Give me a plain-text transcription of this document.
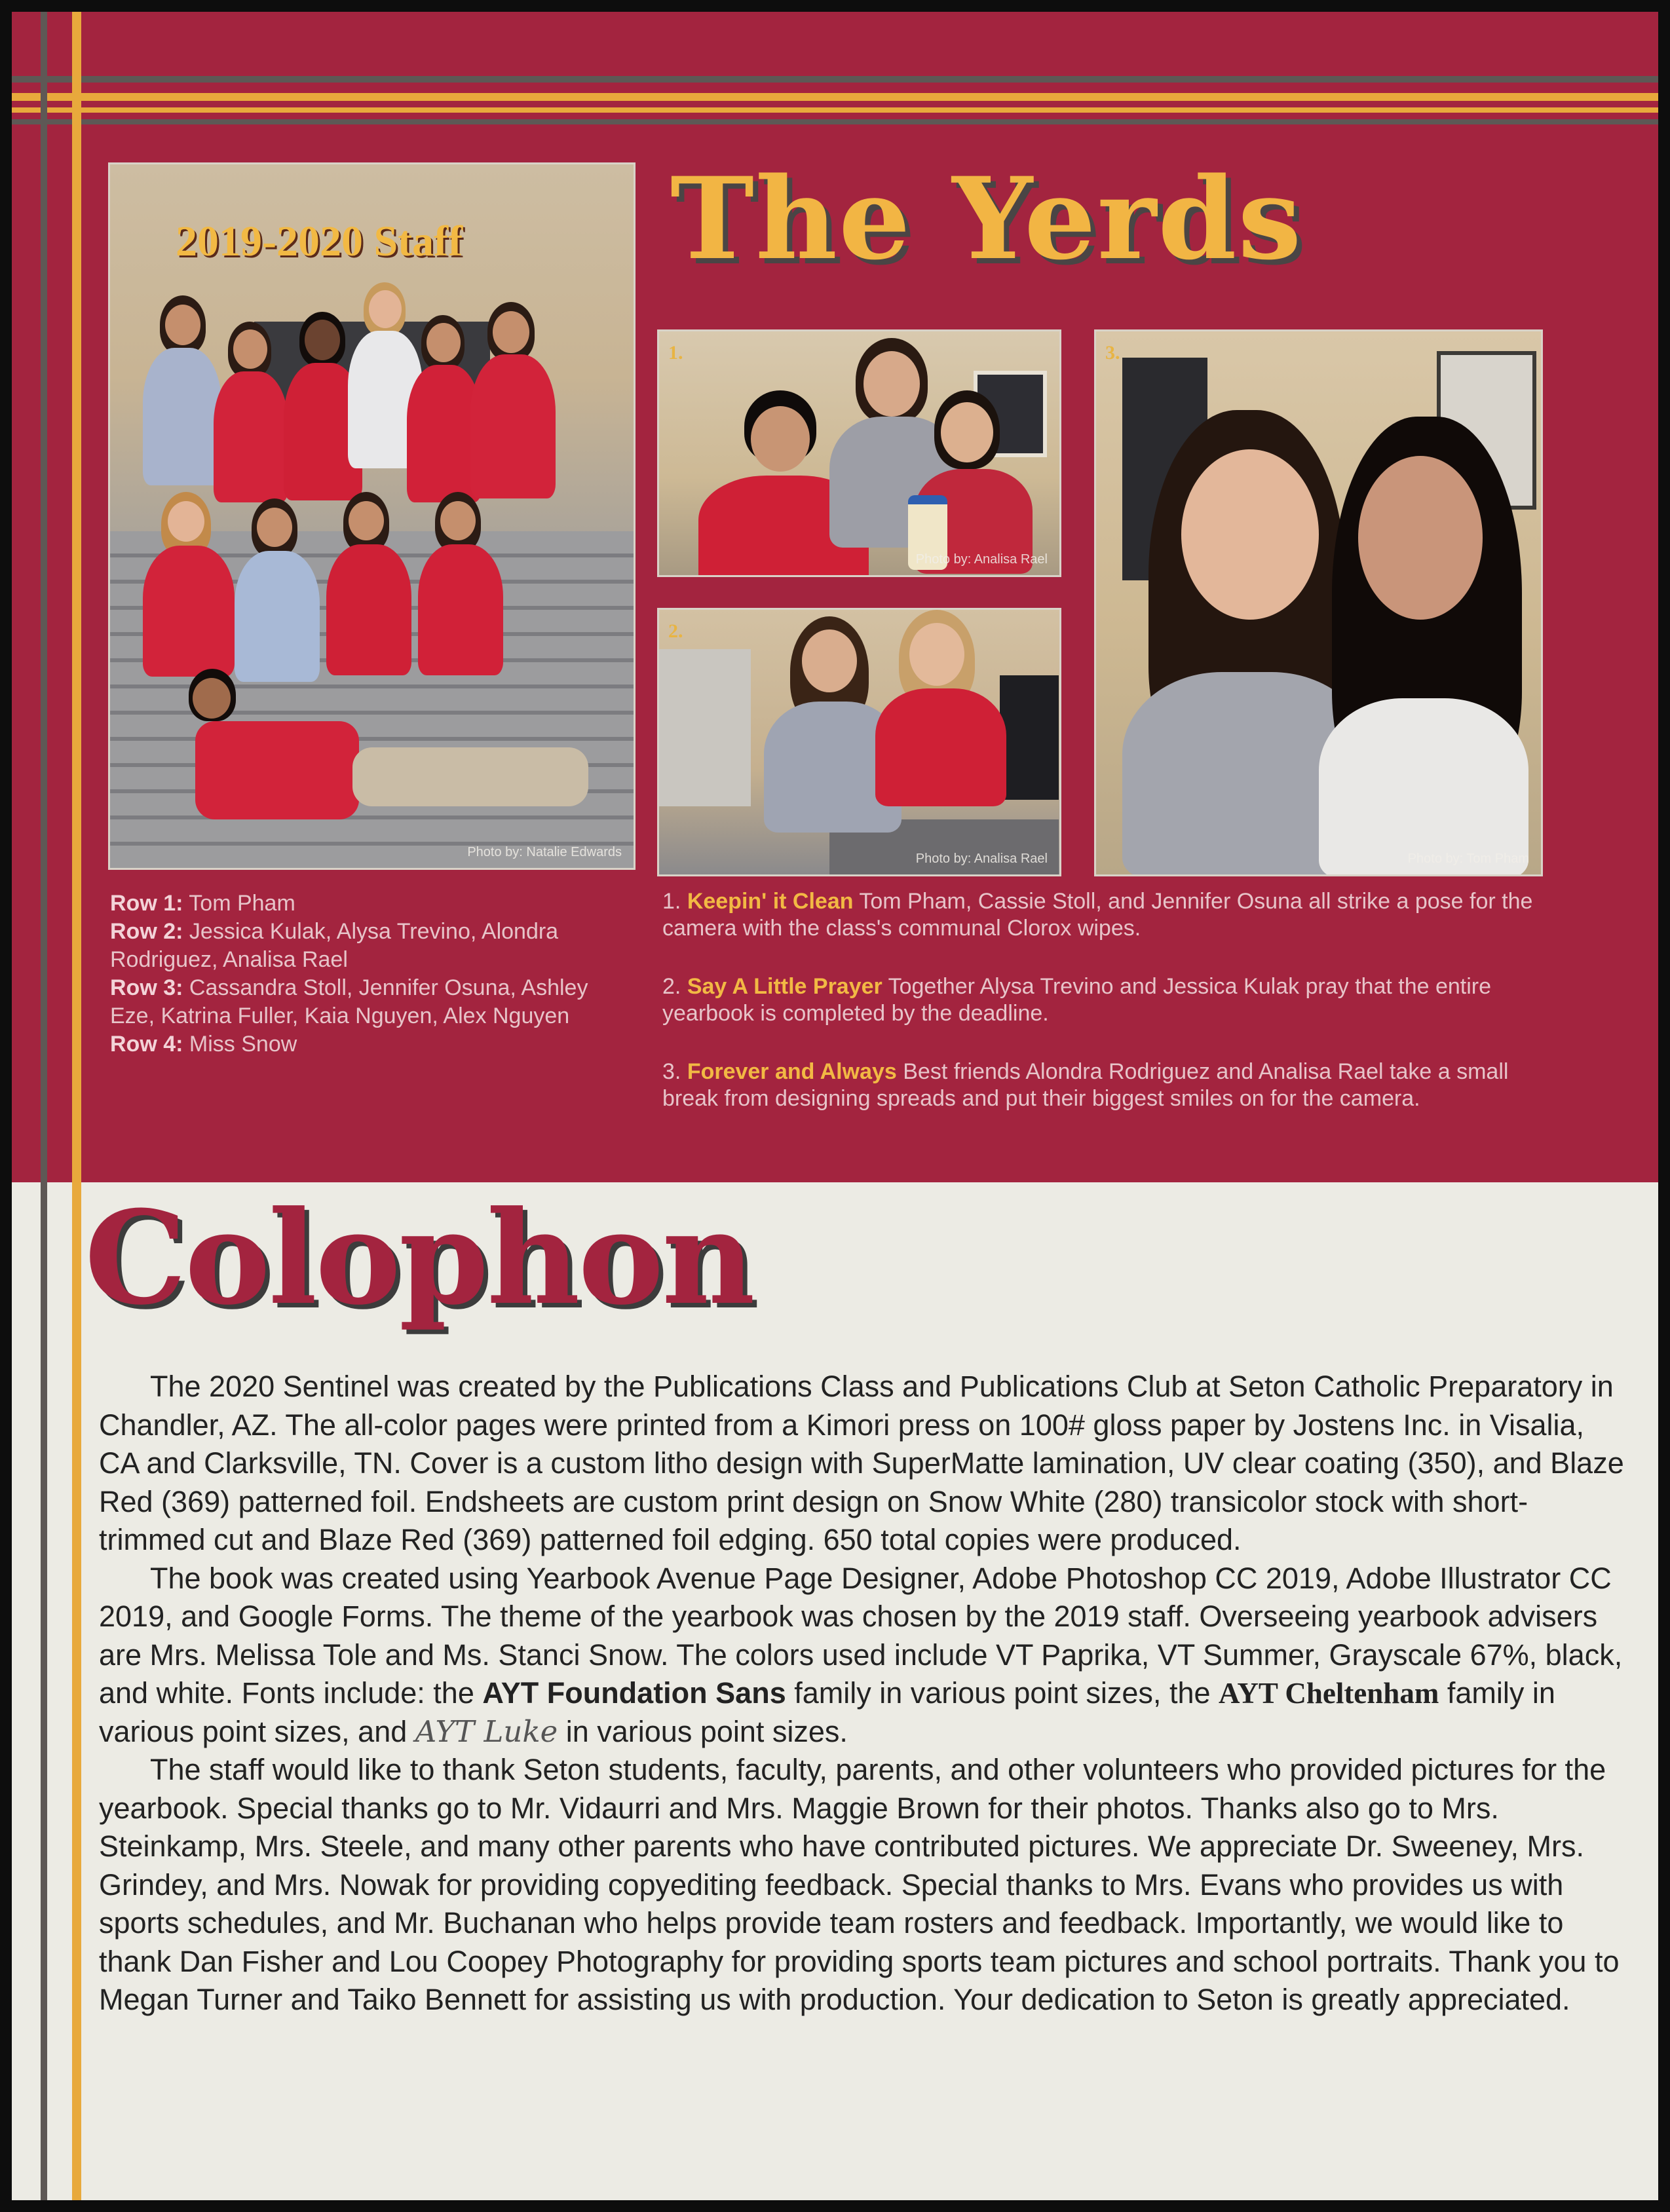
2019-2020 Staff
Photo by: Natalie Edwards
The Yerds
1.
Photo by: Analisa Rael
2.
Photo by: Analisa Rael
3.
Photo by: Tom Pham
Row 1: Tom Pham
Row 2: Jessica Kulak, Alysa Trevino, Alondra Rodriguez, Analisa Rael
Row 3: Cassandra Stoll, Jennifer Osuna, Ashley Eze, Katrina Fuller, Kaia Nguyen, Alex Nguyen
Row 4: Miss Snow
1. Keepin' it Clean Tom Pham, Cassie Stoll, and Jennifer Osuna all strike a pose for the camera with the class's communal Clorox wipes.
2. Say A Little Prayer Together Alysa Trevino and Jessica Kulak pray that the entire yearbook is completed by the deadline.
3. Forever and Always Best friends Alondra Rodriguez and Analisa Rael take a small break from designing spreads and put their biggest smiles on for the camera.
Colophon

The 2020 Sentinel was created by the Publications Class and Publications Club at Seton Catholic Preparatory in Chandler, AZ. The all-color pages were printed from a Kimori press on 100# gloss paper by Jostens Inc. in Visalia, CA and Clarksville, TN. Cover is a custom litho design with SuperMatte lamination, UV clear coating (350), and Blaze Red (369) patterned foil. Endsheets are custom print design on Snow White (280) transicolor stock with short-trimmed cut and Blaze Red (369) patterned foil edging. 650 total copies were produced.

The book was created using Yearbook Avenue Page Designer, Adobe Photoshop CC 2019, Adobe Illustrator CC 2019, and Google Forms. The theme of the yearbook was chosen by the 2019 staff. Overseeing yearbook advisers are Mrs. Melissa Tole and Ms. Stanci Snow. The colors used include VT Paprika, VT Summer, Grayscale 67%, black, and white. Fonts include: the AYT Foundation Sans family in various point sizes, the AYT Cheltenham family in various point sizes, and AYT Luke in various point sizes.

The staff would like to thank Seton students, faculty, parents, and other volunteers who provided pictures for the yearbook. Special thanks go to Mr. Vidaurri and Mrs. Maggie Brown for their photos. Thanks also go to Mrs. Steinkamp, Mrs. Steele, and many other parents who have contributed pictures. We appreciate Dr. Sweeney, Mrs. Grindey, and Mrs. Nowak for providing copyediting feedback. Special thanks to Mrs. Evans who provides us with sports schedules, and Mr. Buchanan who helps provide team rosters and feedback. Importantly, we would like to thank Dan Fisher and Lou Coopey Photography for providing sports team pictures and school portraits. Thank you to Megan Turner and Taiko Bennett for assisting us with production. Your dedication to Seton is greatly appreciated.
